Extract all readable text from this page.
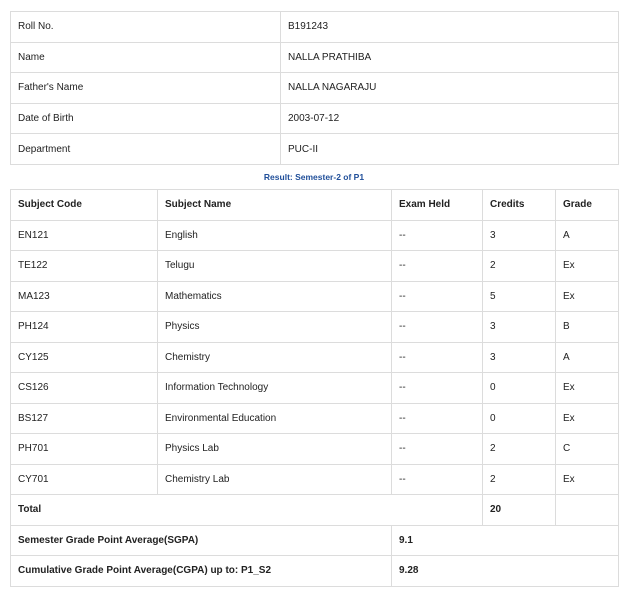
Roll No.	B191243
Name	NALLA PRATHIBA
Father's Name	NALLA NAGARAJU
Date of Birth	2003-07-12
Department	PUC-II
Result: Semester-2 of P1
Subject Code	Subject Name	Exam Held	Credits	Grade
EN121	English	--	3	A
TE122	Telugu	--	2	Ex
MA123	Mathematics	--	5	Ex
PH124	Physics	--	3	B
CY125	Chemistry	--	3	A
CS126	Information Technology	--	0	Ex
BS127	Environmental Education	--	0	Ex
PH701	Physics Lab	--	2	C
CY701	Chemistry Lab	--	2	Ex
Total			20	
Semester Grade Point Average(SGPA)		9.1		
Cumulative Grade Point Average(CGPA) up to: P1_S2		9.28		
